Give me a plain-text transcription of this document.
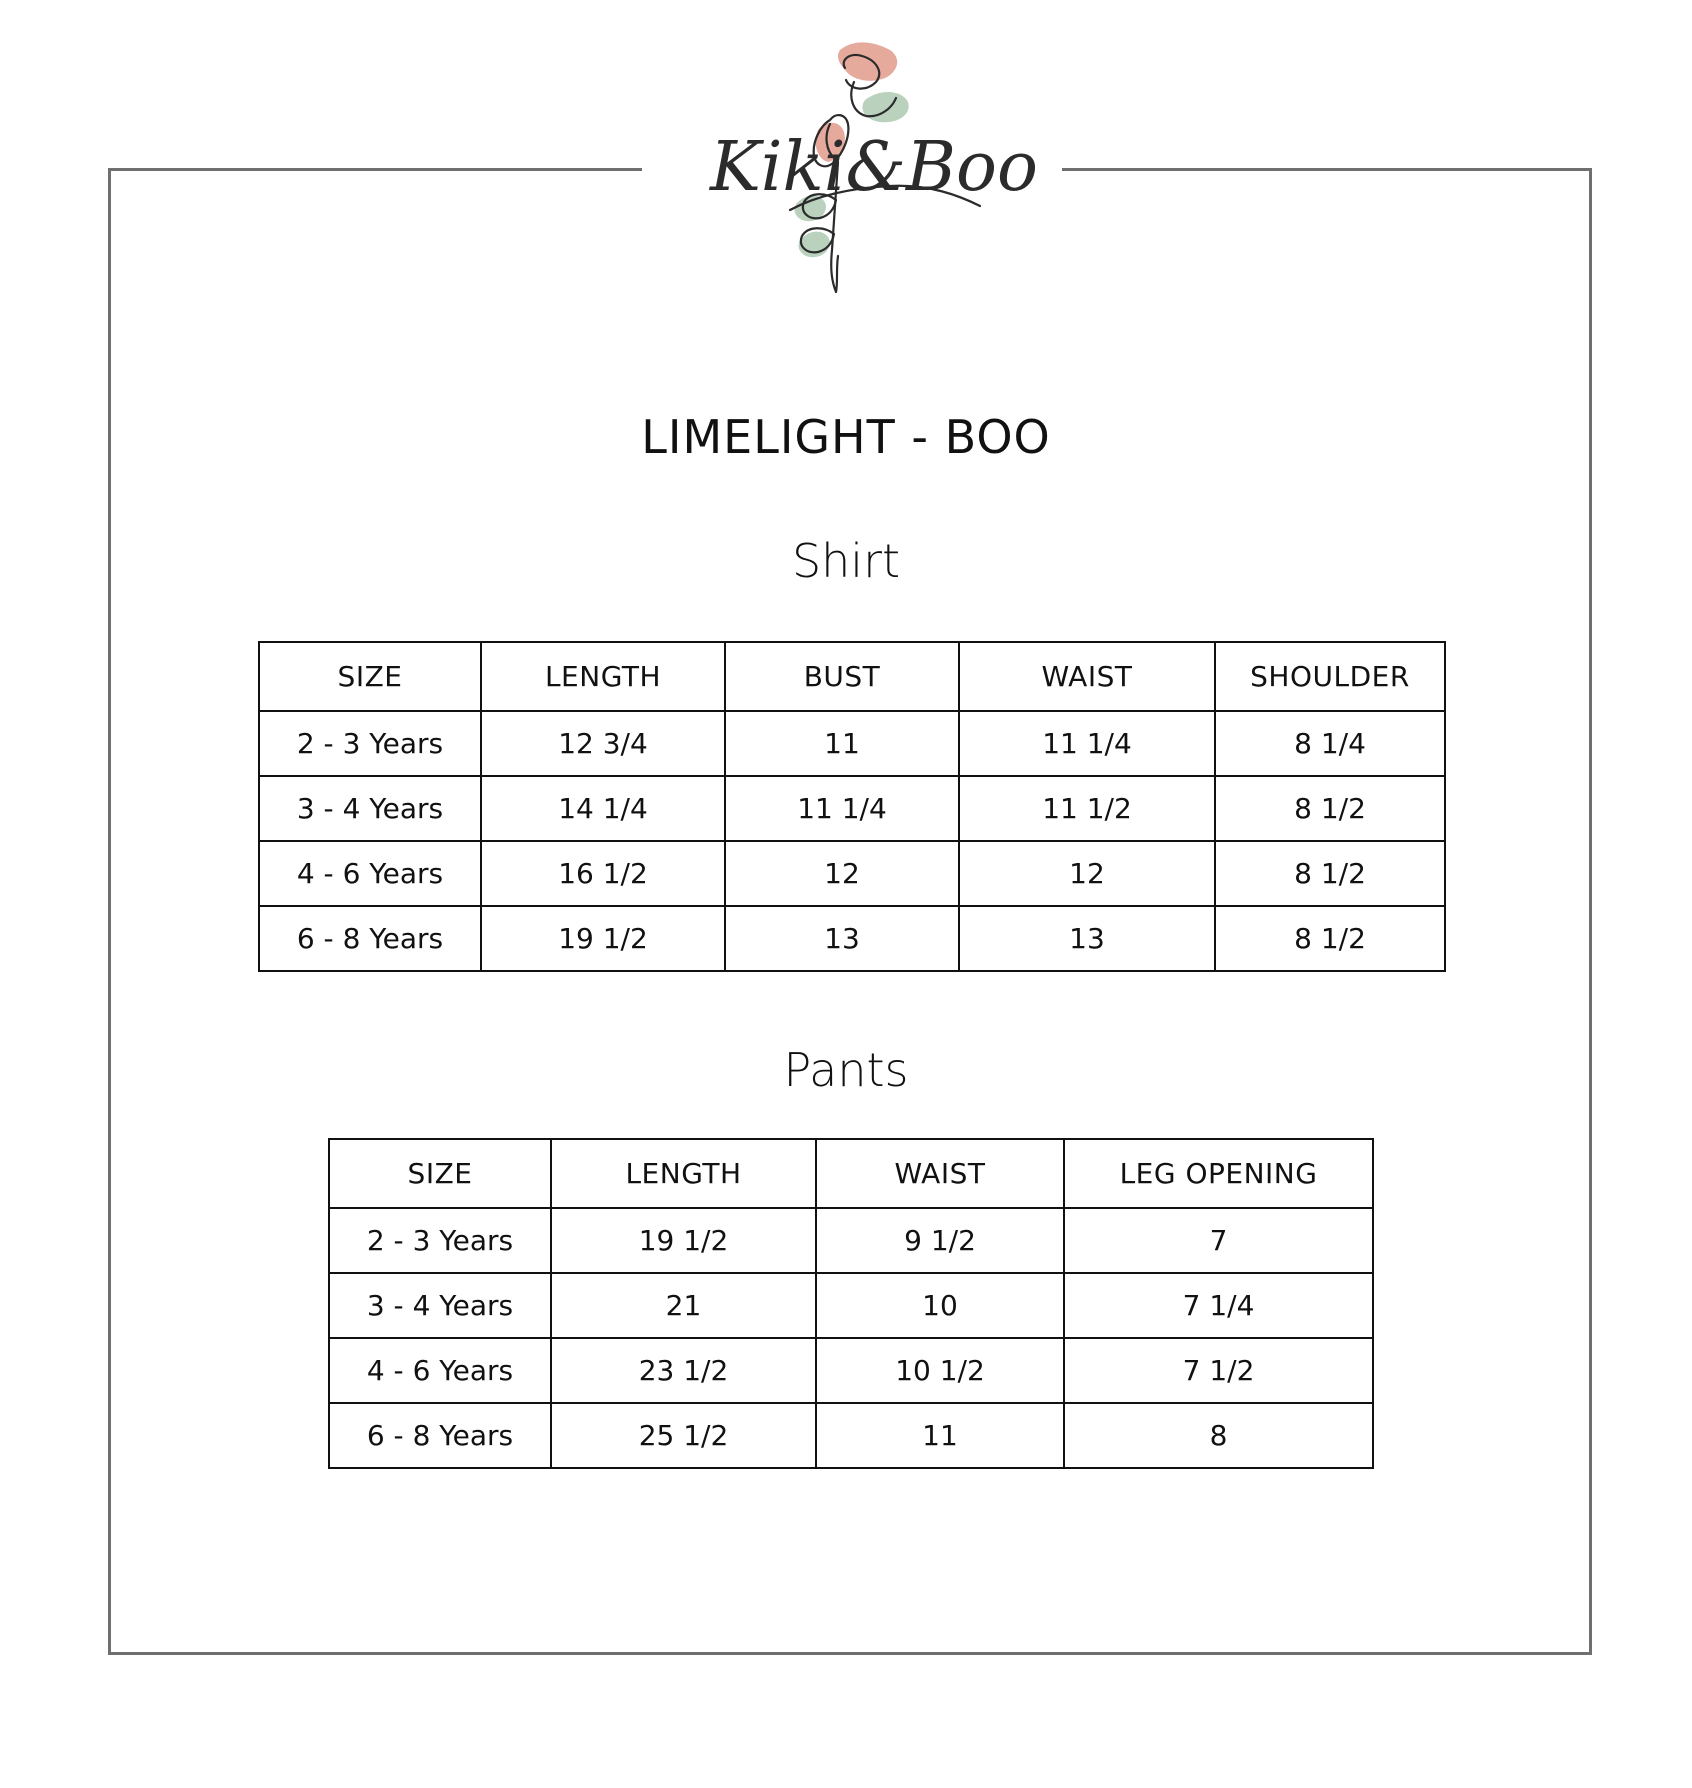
Kiki&Boo
LIMELIGHT - BOO
Shirt
SIZE	LENGTH	BUST	WAIST	SHOULDER
2 - 3 Years	12 3/4	11	11 1/4	8 1/4
3 - 4 Years	14 1/4	11 1/4	11 1/2	8 1/2
4 - 6 Years	16 1/2	12	12	8 1/2
6 - 8 Years	19 1/2	13	13	8 1/2
Pants
SIZE	LENGTH	WAIST	LEG OPENING
2 - 3 Years	19 1/2	9 1/2	7
3 - 4 Years	21	10	7 1/4
4 - 6 Years	23 1/2	10 1/2	7 1/2
6 - 8 Years	25 1/2	11	8
